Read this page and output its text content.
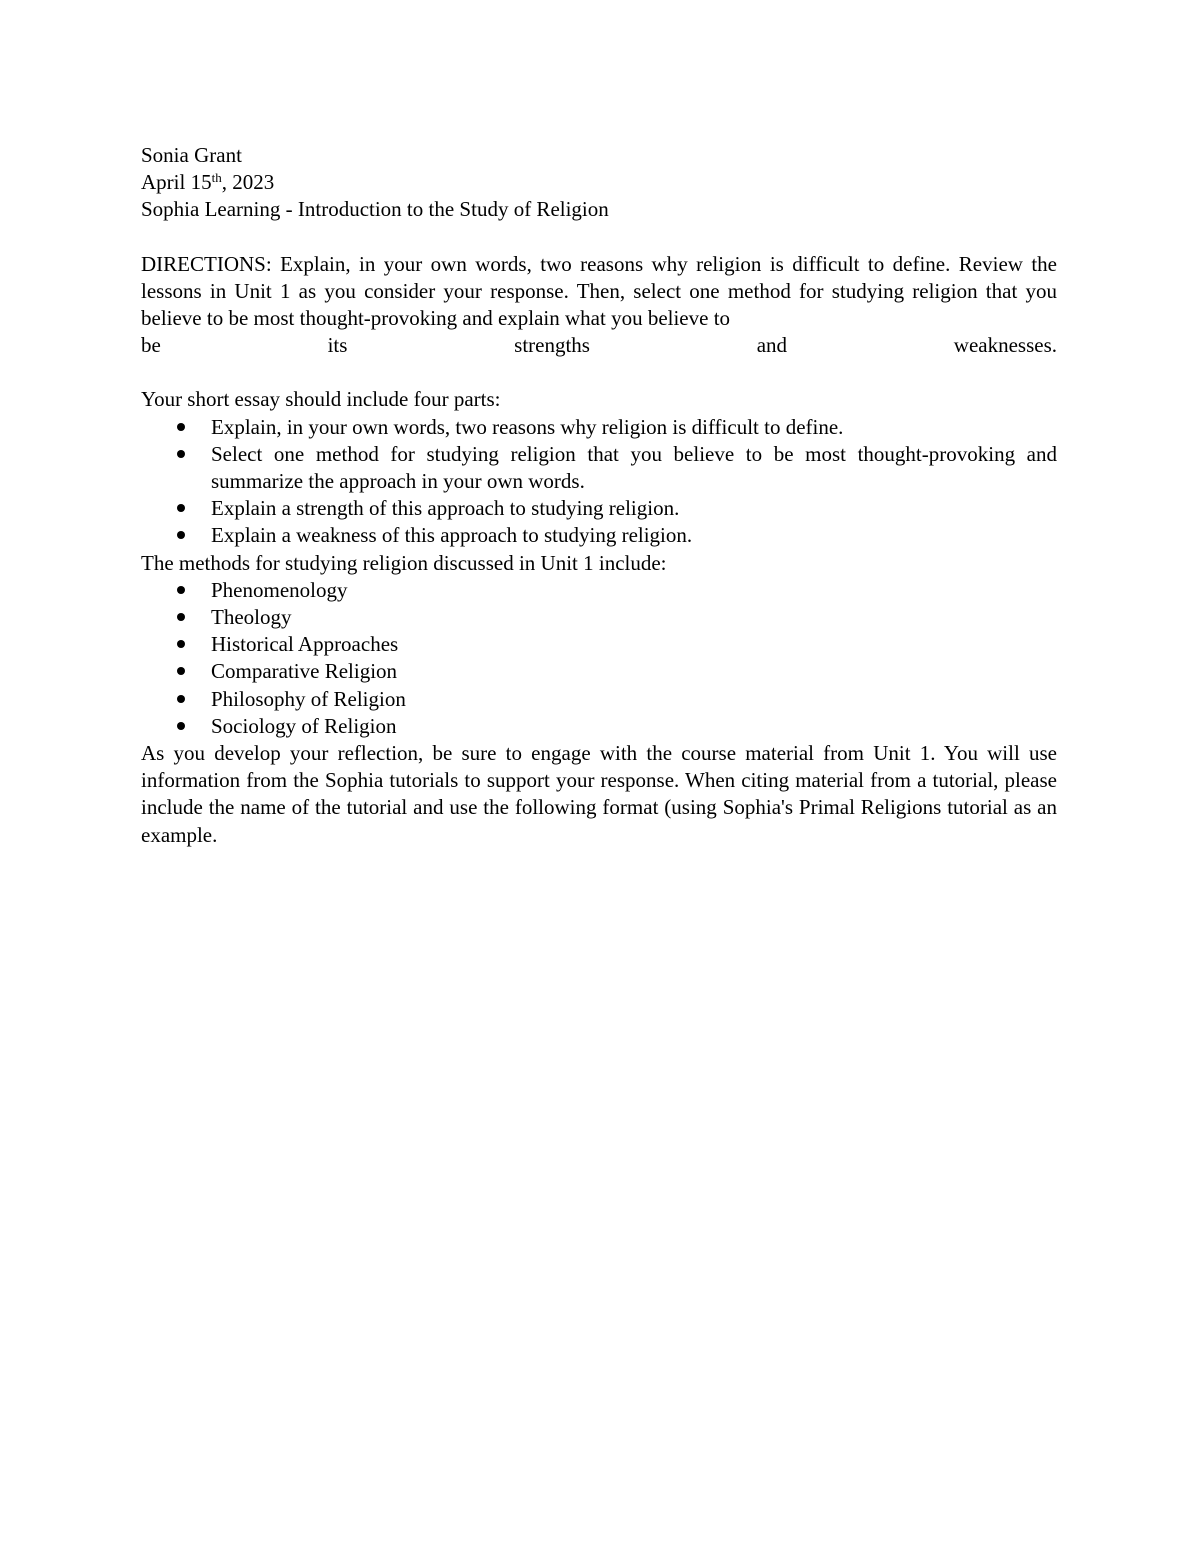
Sonia Grant

April 15th, 2023

Sophia Learning - Introduction to the Study of Religion

DIRECTIONS: Explain, in your own words, two reasons why religion is difficult to define. Review the lessons in Unit 1 as you consider your response. Then, select one method for studying religion that you believe to be most thought-provoking and explain what you believe to

be its strengths and weaknesses.

Your short essay should include four parts:

Explain, in your own words, two reasons why religion is difficult to define.
Select one method for studying religion that you believe to be most thought-provoking and summarize the approach in your own words.
Explain a strength of this approach to studying religion.
Explain a weakness of this approach to studying religion.

The methods for studying religion discussed in Unit 1 include:

Phenomenology
Theology
Historical Approaches
Comparative Religion
Philosophy of Religion
Sociology of Religion

As you develop your reflection, be sure to engage with the course material from Unit 1. You will use information from the Sophia tutorials to support your response. When citing material from a tutorial, please include the name of the tutorial and use the following format (using Sophia's Primal Religions tutorial as an example.
